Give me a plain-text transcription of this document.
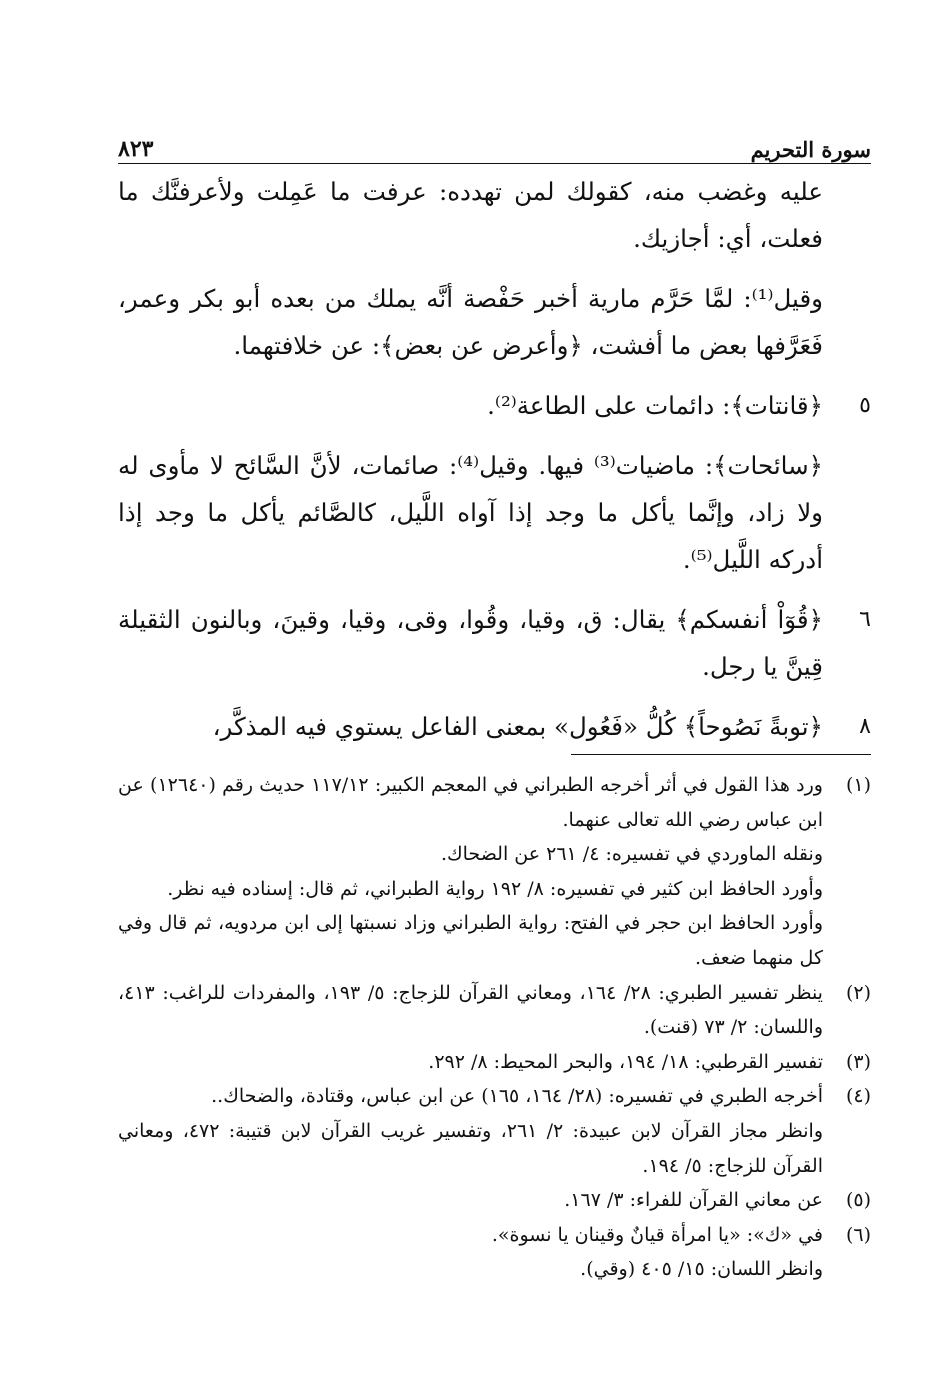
سورة التحريم
٨٢٣
عليه وغضب منه، كقولك لمن تهدده: عرفت ما عَمِلت ولأعرفنَّك ما فعلت، أي: أجازيك.
وقيل⁽¹⁾: لمَّا حَرَّم مارية أخبر حَفْصة أنَّه يملك من بعده أبو بكر وعمر، فَعَرَّفها بعض ما أفشت، ﴿وأعرض عن بعض﴾: عن خلافتهما.
٥
﴿قانتات﴾: دائمات على الطاعة⁽²⁾.
﴿سائحات﴾: ماضيات⁽³⁾ فيها. وقيل⁽⁴⁾: صائمات، لأنَّ السَّائح لا مأوى له ولا زاد، وإنَّما يأكل ما وجد إذا آواه اللَّيل، كالصَّائم يأكل ما وجد إذا أدركه اللَّيل⁽⁵⁾.
٦
﴿قُوٓاْ أنفسكم﴾ يقال: ق، وقيا، وقُوا، وقى، وقيا، وقينَ، وبالنون الثقيلة قِينَّ يا رجل.
٨
﴿توبةً نَصُوحاً﴾ كُلُّ «فَعُول» بمعنى الفاعل يستوي فيه المذكَّر،
(١)
ورد هذا القول في أثر أخرجه الطبراني في المعجم الكبير: ١١٧/١٢ حديث رقم (١٢٦٤٠) عن ابن عباس رضي الله تعالى عنهما.
ونقله الماوردي في تفسيره: ٤/ ٢٦١ عن الضحاك.
وأورد الحافظ ابن كثير في تفسيره: ٨/ ١٩٢ رواية الطبراني، ثم قال: إسناده فيه نظر.
وأورد الحافظ ابن حجر في الفتح: رواية الطبراني وزاد نسبتها إلى ابن مردويه، ثم قال وفي كل منهما ضعف.
(٢)
ينظر تفسير الطبري: ٢٨/ ١٦٤، ومعاني القرآن للزجاج: ٥/ ١٩٣، والمفردات للراغب: ٤١٣، واللسان: ٢/ ٧٣ (قنت).
(٣)
تفسير القرطبي: ١٨/ ١٩٤، والبحر المحيط: ٨/ ٢٩٢.
(٤)
أخرجه الطبري في تفسيره: (٢٨/ ١٦٤، ١٦٥) عن ابن عباس، وقتادة، والضحاك..
وانظر مجاز القرآن لابن عبيدة: ٢/ ٢٦١، وتفسير غريب القرآن لابن قتيبة: ٤٧٢، ومعاني القرآن للزجاج: ٥/ ١٩٤.
(٥)
عن معاني القرآن للفراء: ٣/ ١٦٧.
(٦)
في «ك»: «يا امرأة قيانٌ وقينان يا نسوة».
وانظر اللسان: ١٥/ ٤٠٥ (وقي).
